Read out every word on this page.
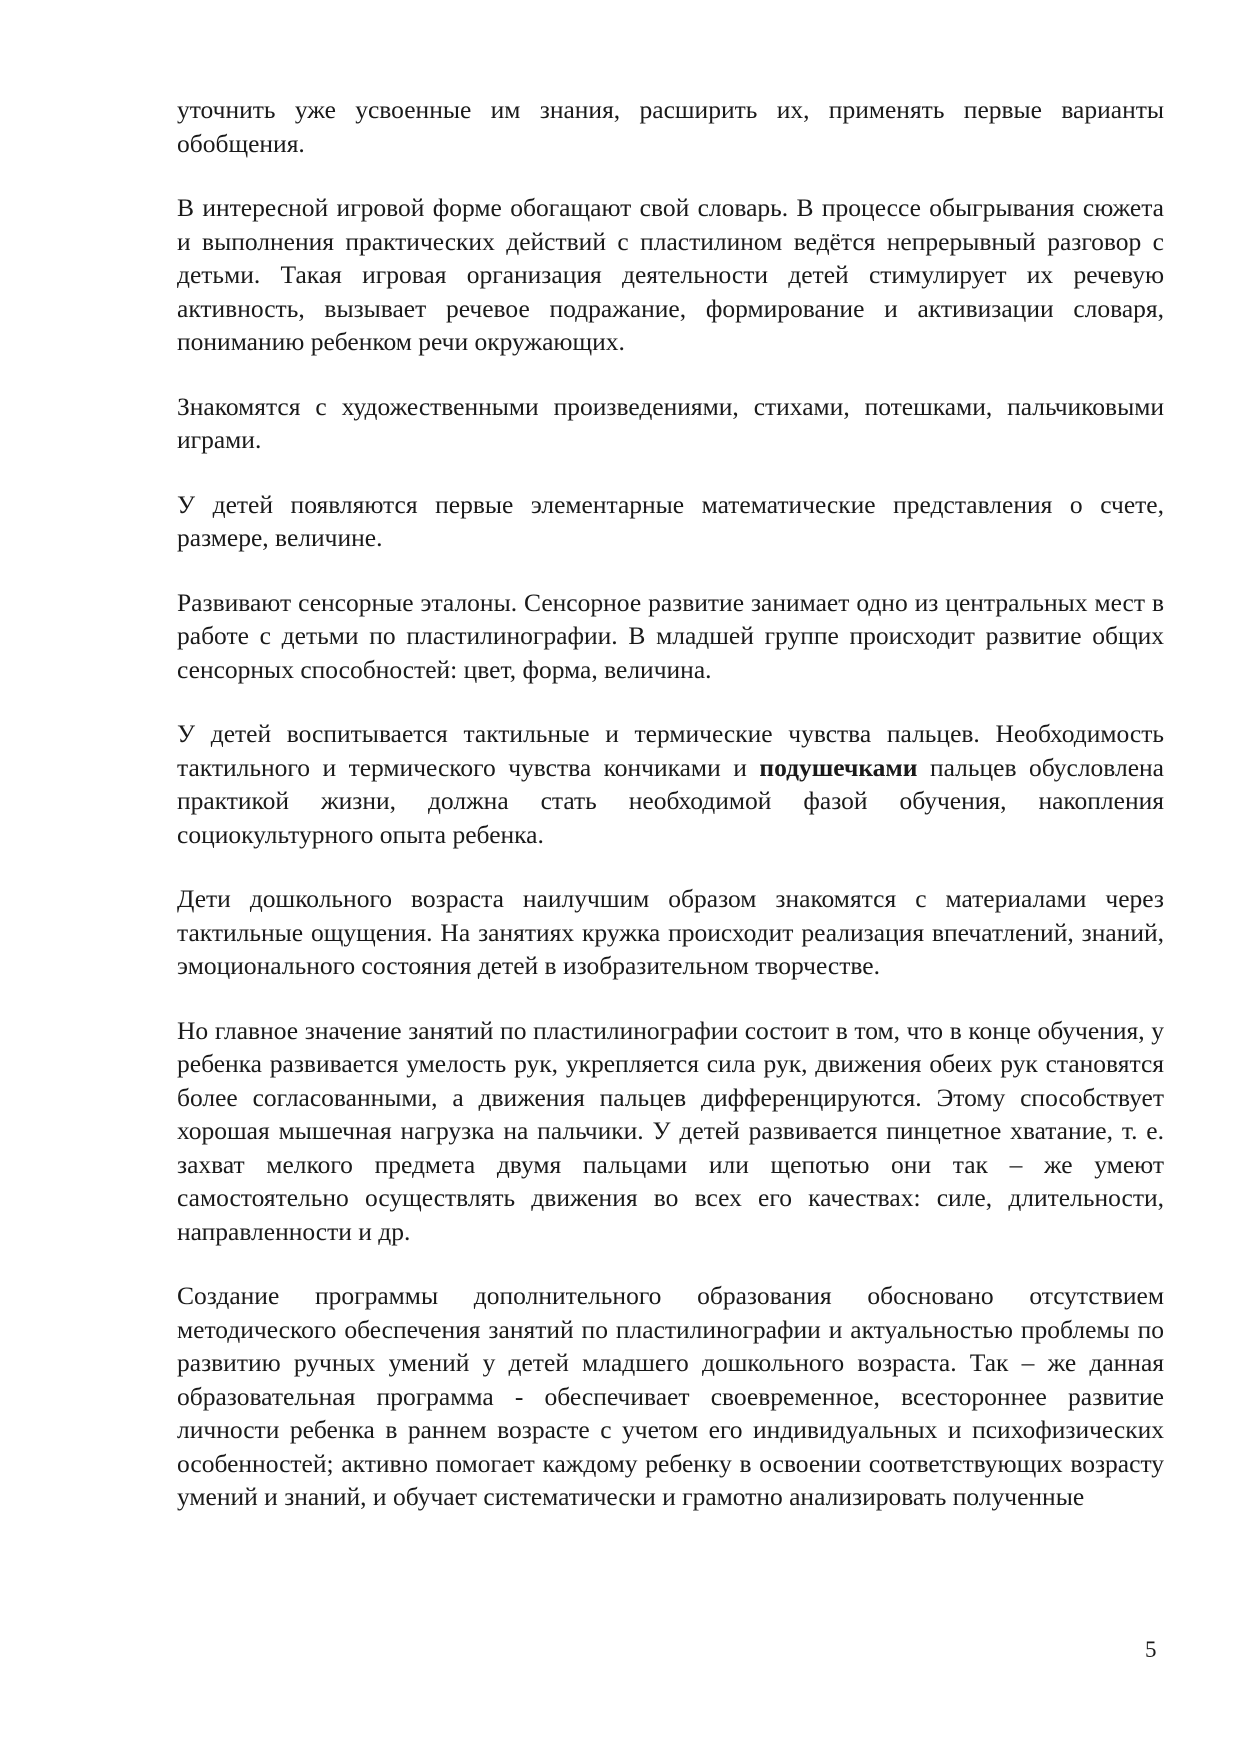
уточнить уже усвоенные им знания, расширить их, применять первые варианты обобщения.

В интересной игровой форме обогащают свой словарь. В процессе обыгрывания сюжета и выполнения практических действий с пластилином ведётся непрерывный разговор с детьми. Такая игровая организация деятельности детей стимулирует их речевую активность, вызывает речевое подражание, формирование и активизации словаря, пониманию ребенком речи окружающих.

Знакомятся с художественными произведениями, стихами, потешками, пальчиковыми играми.

У детей появляются первые элементарные математические представления о счете, размере, величине.

Развивают сенсорные эталоны. Сенсорное развитие занимает одно из центральных мест в работе с детьми по пластилинографии. В младшей группе происходит развитие общих сенсорных способностей: цвет, форма, величина.

У детей воспитывается тактильные и термические чувства пальцев. Необходимость тактильного и термического чувства кончиками и подушечками пальцев обусловлена практикой жизни, должна стать необходимой фазой обучения, накопления социокультурного опыта ребенка.

Дети дошкольного возраста наилучшим образом знакомятся с материалами через тактильные ощущения. На занятиях кружка происходит реализация впечатлений, знаний, эмоционального состояния детей в изобразительном творчестве.

Но главное значение занятий по пластилинографии состоит в том, что в конце обучения, у ребенка развивается умелость рук, укрепляется сила рук, движения обеих рук становятся более согласованными, а движения пальцев дифференцируются. Этому способствует хорошая мышечная нагрузка на пальчики. У детей развивается пинцетное хватание, т. е. захват мелкого предмета двумя пальцами или щепотью они так – же умеют самостоятельно осуществлять движения во всех его качествах: силе, длительности, направленности и др.

Создание программы дополнительного образования обосновано отсутствием методического обеспечения занятий по пластилинографии и актуальностью проблемы по развитию ручных умений у детей младшего дошкольного возраста. Так – же данная образовательная программа - обеспечивает своевременное, всестороннее развитие личности ребенка в раннем возрасте с учетом его индивидуальных и психофизических особенностей; активно помогает каждому ребенку в освоении соответствующих возрасту умений и знаний, и обучает систематически и грамотно анализировать полученные

5
